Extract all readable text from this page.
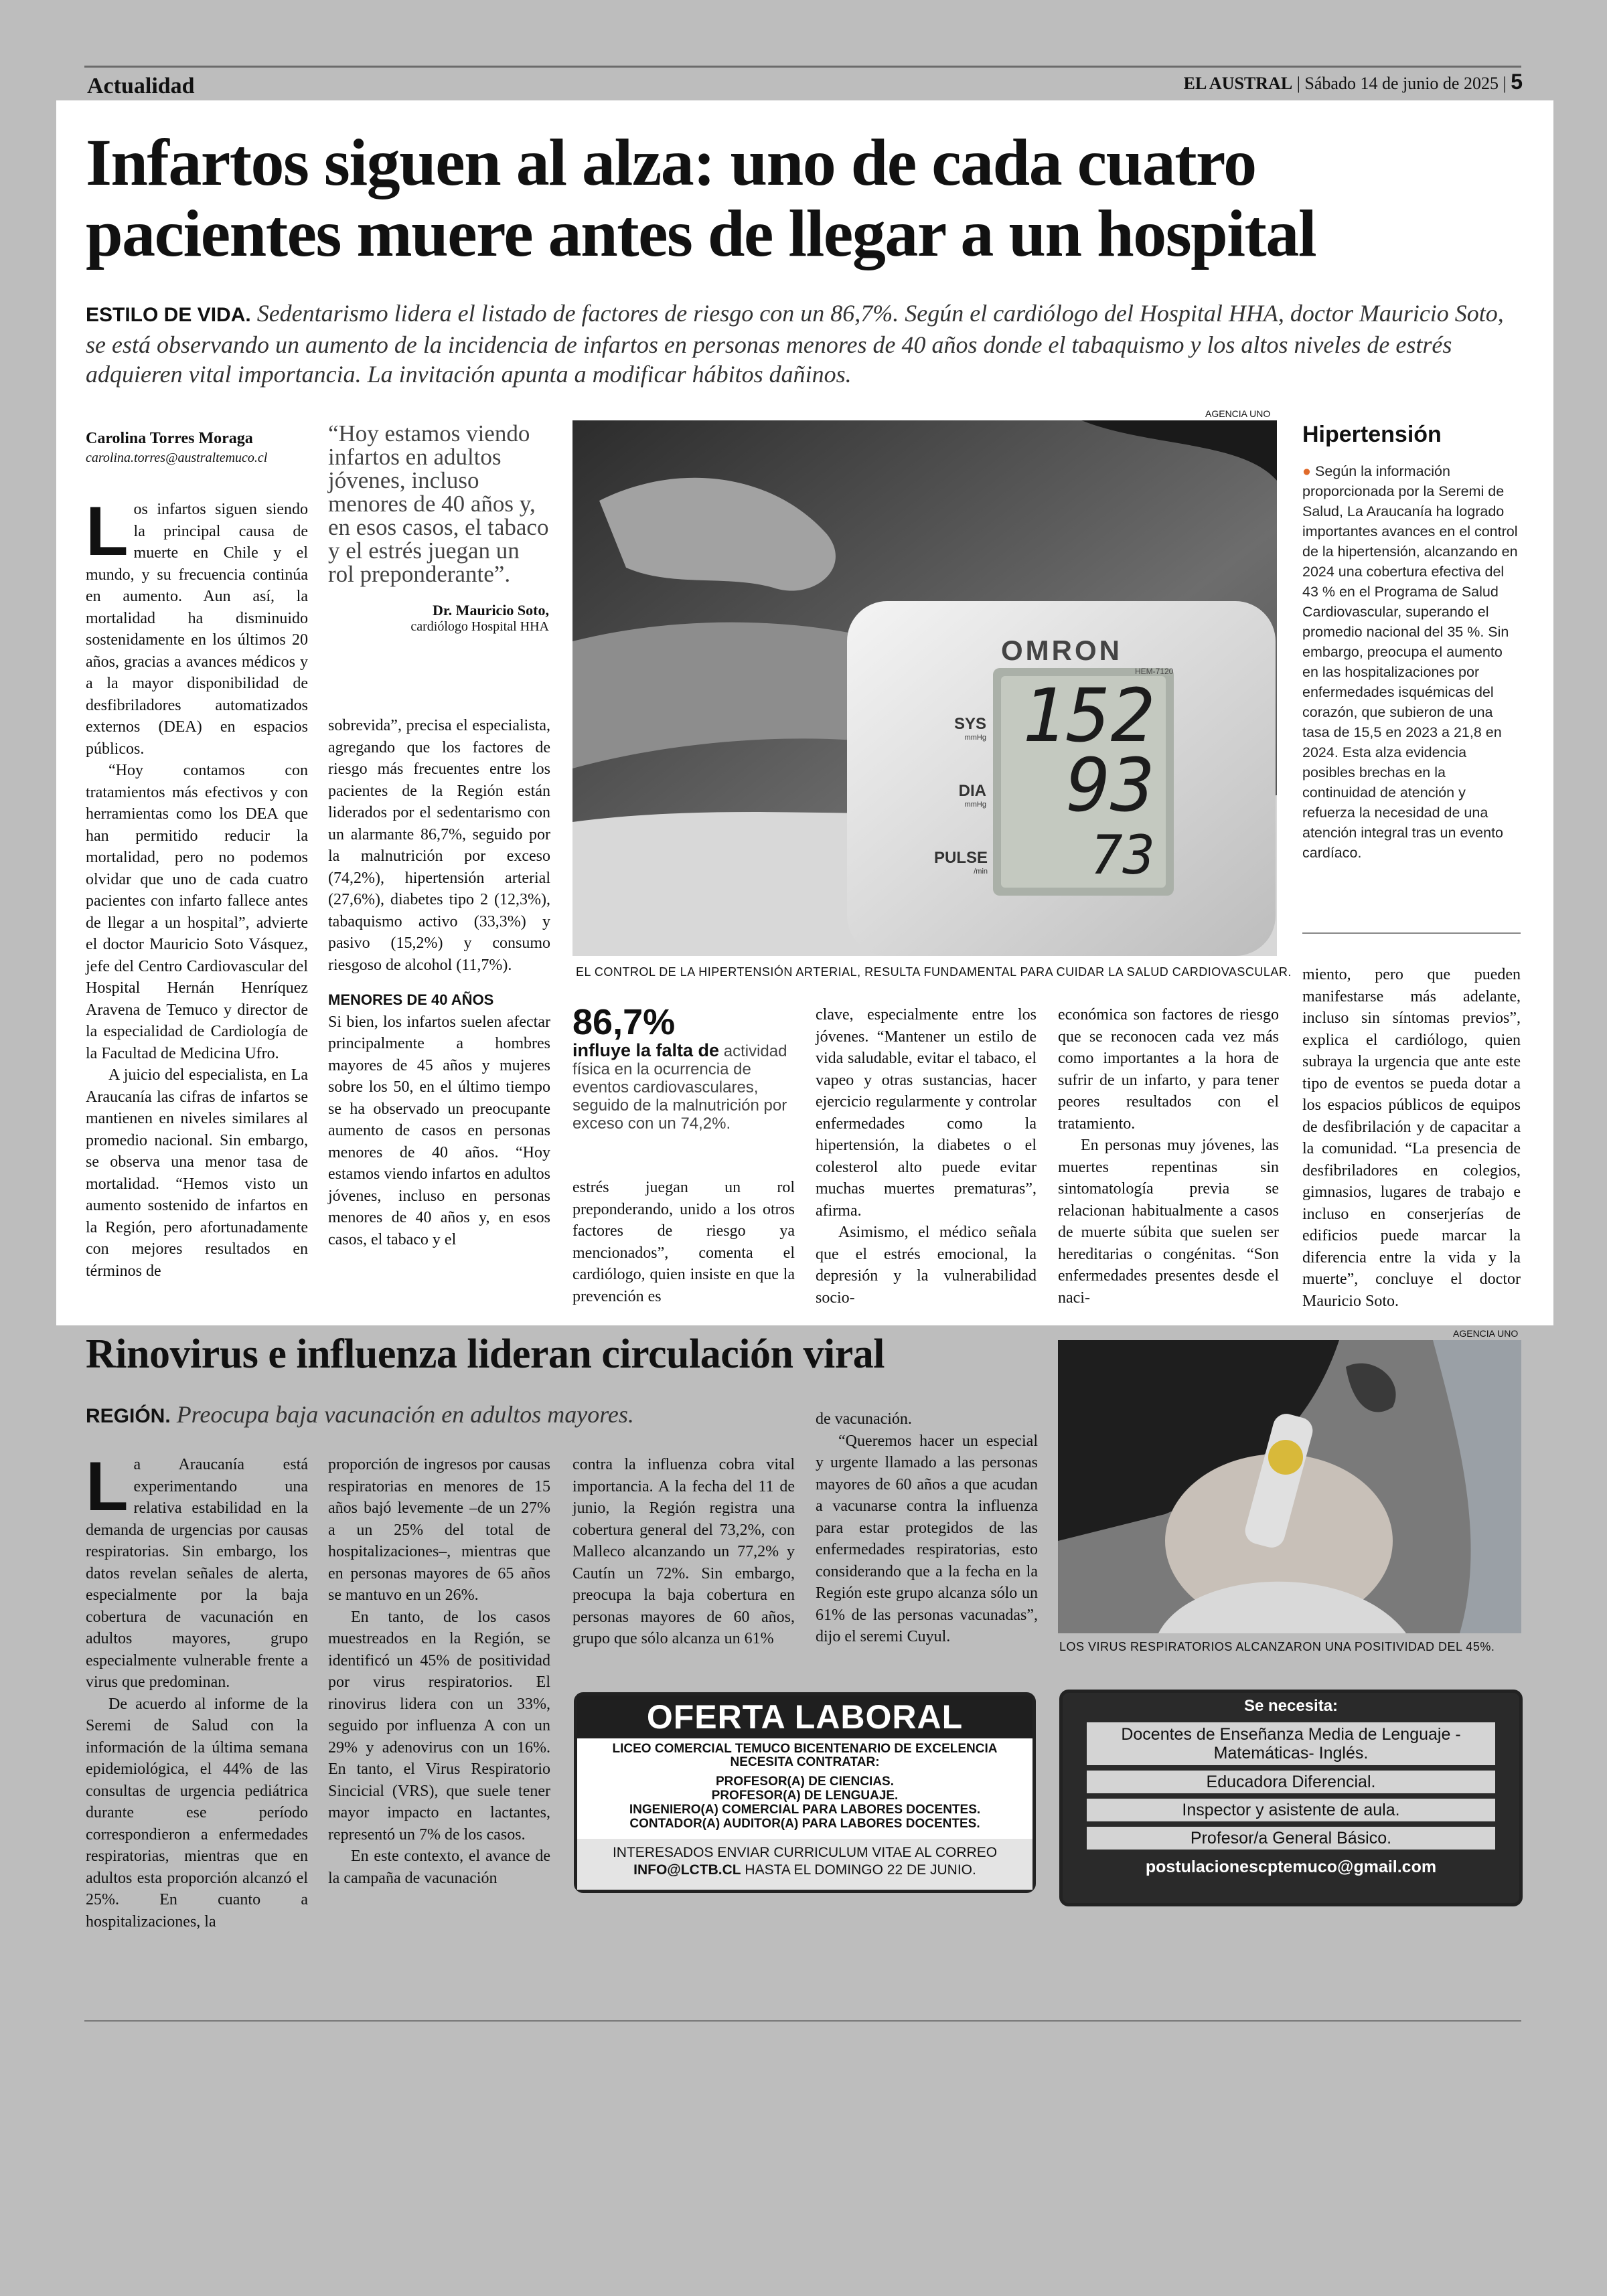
Actualidad	EL AUSTRAL | Sábado 14 de junio de 2025 | 5
Infartos siguen al alza: uno de cada cuatro
pacientes muere antes de llegar a un hospital
ESTILO DE VIDA. Sedentarismo lidera el listado de factores de riesgo con un 86,7%. Según el cardiólogo del Hospital HHA, doctor Mauricio Soto, se está observando un aumento de la incidencia de infartos en personas menores de 40 años donde el tabaquismo y los altos niveles de estrés adquieren vital importancia. La invitación apunta a modificar hábitos dañinos.
Carolina Torres Moraga
carolina.torres@australtemuco.cl

Los infartos siguen siendo la principal causa de muerte en Chile y el mundo, y su frecuencia continúa en aumento. Aun así, la mortalidad ha disminuido sostenidamente en los últimos 20 años, gracias a avances médicos y a la mayor disponibilidad de desfibriladores automatizados externos (DEA) en espacios públicos.

“Hoy contamos con tratamientos más efectivos y con herramientas como los DEA que han permitido reducir la mortalidad, pero no podemos olvidar que uno de cada cuatro pacientes con infarto fallece antes de llegar a un hospital”, advierte el doctor Mauricio Soto Vásquez, jefe del Centro Cardiovascular del Hospital Hernán Henríquez Aravena de Temuco y director de la especialidad de Cardiología de la Facultad de Medicina Ufro.

A juicio del especialista, en La Araucanía las cifras de infartos se mantienen en niveles similares al promedio nacional. Sin embargo, se observa una menor tasa de mortalidad. “Hemos visto un aumento sostenido de infartos en la Región, pero afortunadamente con mejores resultados en términos de

“Hoy estamos viendo infartos en adultos jóvenes, incluso menores de 40 años y, en esos casos, el tabaco y el estrés juegan un rol preponderante”.
Dr. Mauricio Soto,
cardiólogo Hospital HHA

sobrevida”, precisa el especialista, agregando que los factores de riesgo más frecuentes entre los pacientes de la Región están liderados por el sedentarismo con un alarmante 86,7%, seguido por la malnutrición por exceso (74,2%), hipertensión arterial (27,6%), diabetes tipo 2 (12,3%), tabaquismo activo (33,3%) y pasivo (15,2%) y consumo riesgoso de alcohol (11,7%).

MENORES DE 40 AÑOS

Si bien, los infartos suelen afectar principalmente a hombres mayores de 45 años y mujeres sobre los 50, en el último tiempo se ha observado un preocupante aumento de casos en personas menores de 40 años. “Hoy estamos viendo infartos en adultos jóvenes, incluso en personas menores de 40 años y, en esos casos, el tabaco y el

AGENCIA UNO
OMRON
HEM-7120
SYS
mmHg
DIA
mmHg
PULSE
/min
152
93
73
EL CONTROL DE LA HIPERTENSIÓN ARTERIAL, RESULTA FUNDAMENTAL PARA CUIDAR LA SALUD CARDIOVASCULAR.
86,7%
influye la falta de actividad física en la ocurrencia de eventos cardiovasculares, seguido de la malnutrición por exceso con un 74,2%.

estrés juegan un rol preponderando, unido a los otros factores de riesgo ya mencionados”, comenta el cardiólogo, quien insiste en que la prevención es

clave, especialmente entre los jóvenes. “Mantener un estilo de vida saludable, evitar el tabaco, el vapeo y otras sustancias, hacer ejercicio regularmente y controlar enfermedades como la hipertensión, la diabetes o el colesterol alto puede evitar muchas muertes prematuras”, afirma.

Asimismo, el médico señala que el estrés emocional, la depresión y la vulnerabilidad socio-

económica son factores de riesgo que se reconocen cada vez más como importantes a la hora de sufrir de un infarto, y para tener peores resultados con el tratamiento.

En personas muy jóvenes, las muertes repentinas sin sintomatología previa se relacionan habitualmente a casos de muerte súbita que suelen ser hereditarias o congénitas. “Son enfermedades presentes desde el naci-

miento, pero que pueden manifestarse más adelante, incluso sin síntomas previos”, explica el cardiólogo, quien subraya la urgencia que ante este tipo de eventos se pueda dotar a los espacios públicos de equipos de desfibrilación y de capacitar a la comunidad. “La presencia de desfibriladores en colegios, gimnasios, lugares de trabajo e incluso en conserjerías de edificios puede marcar la diferencia entre la vida y la muerte”, concluye el doctor Mauricio Soto.

Hipertensión
● Según la información proporcionada por la Seremi de Salud, La Araucanía ha logrado importantes avances en el control de la hipertensión, alcanzando en 2024 una cobertura efectiva del 43 % en el Programa de Salud Cardiovascular, superando el promedio nacional del 35 %. Sin embargo, preocupa el aumento en las hospitalizaciones por enfermedades isquémicas del corazón, que subieron de una tasa de 15,5 en 2023 a 21,8 en 2024. Esta alza evidencia posibles brechas en la continuidad de atención y refuerza la necesidad de una atención integral tras un evento cardíaco.
Rinovirus e influenza lideran circulación viral
REGIÓN. Preocupa baja vacunación en adultos mayores.

La Araucanía está experimentando una relativa estabilidad en la demanda de urgencias por causas respiratorias. Sin embargo, los datos revelan señales de alerta, especialmente por la baja cobertura de vacunación en adultos mayores, grupo especialmente vulnerable frente a virus que predominan.

De acuerdo al informe de la Seremi de Salud con la información de la última semana epidemiológica, el 44% de las consultas de urgencia pediátrica durante ese período correspondieron a enfermedades respiratorias, mientras que en adultos esta proporción alcanzó el 25%. En cuanto a hospitalizaciones, la

proporción de ingresos por causas respiratorias en menores de 15 años bajó levemente –de un 27% a un 25% del total de hospitalizaciones–, mientras que en personas mayores de 65 años se mantuvo en un 26%.

En tanto, de los casos muestreados en la Región, se identificó un 45% de positividad por virus respiratorios. El rinovirus lidera con un 33%, seguido por influenza A con un 29% y adenovirus con un 16%. En tanto, el Virus Respiratorio Sincicial (VRS), que suele tener mayor impacto en lactantes, representó un 7% de los casos.

En este contexto, el avance de la campaña de vacunación

contra la influenza cobra vital importancia. A la fecha del 11 de junio, la Región registra una cobertura general del 73,2%, con Malleco alcanzando un 77,2% y Cautín un 72%. Sin embargo, preocupa la baja cobertura en personas mayores de 60 años, grupo que sólo alcanza un 61%

de vacunación.

“Queremos hacer un especial y urgente llamado a las personas mayores de 60 años a que acudan a vacunarse contra la influenza para estar protegidos de las enfermedades respiratorias, esto considerando que a la fecha en la Región este grupo alcanza sólo un 61% de las personas vacunadas”, dijo el seremi Cuyul.

AGENCIA UNO
LOS VIRUS RESPIRATORIOS ALCANZARON UNA POSITIVIDAD DEL 45%.
OFERTA LABORAL
LICEO COMERCIAL TEMUCO BICENTENARIO DE EXCELENCIA
NECESITA CONTRATAR:
PROFESOR(A) DE CIENCIAS.
PROFESOR(A) DE LENGUAJE.
INGENIERO(A) COMERCIAL PARA LABORES DOCENTES.
CONTADOR(A) AUDITOR(A) PARA LABORES DOCENTES.
INTERESADOS ENVIAR CURRICULUM VITAE AL CORREO
INFO@LCTB.CL HASTA EL DOMINGO 22 DE JUNIO.
Se necesita:
Docentes de Enseñanza Media de Lenguaje -Matemáticas- Inglés.
Educadora Diferencial.
Inspector y asistente de aula.
Profesor/a General Básico.
postulacionescptemuco@gmail.com
